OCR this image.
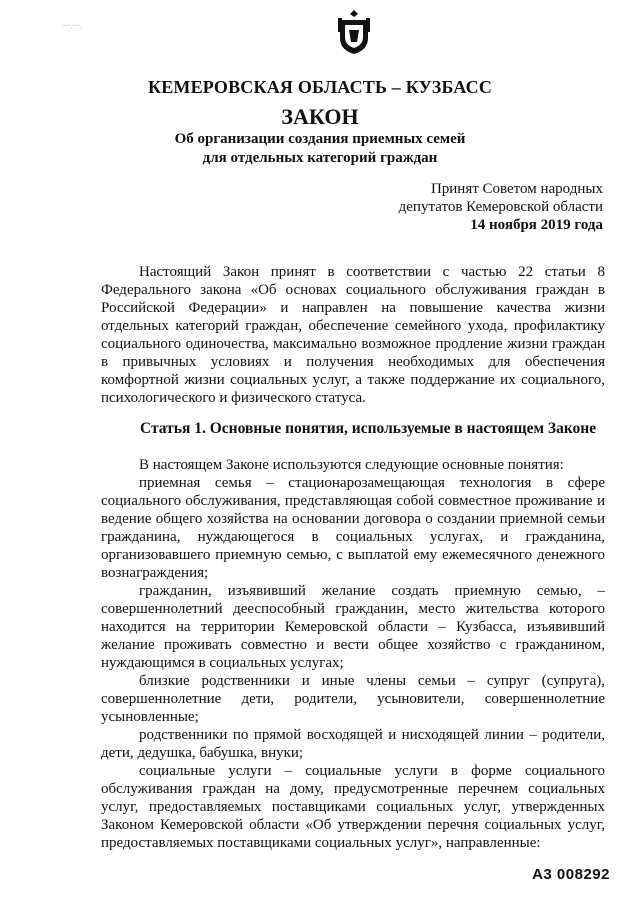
~~.~~.
КЕМЕРОВСКАЯ ОБЛАСТЬ – КУЗБАСС
ЗАКОН
Об организации создания приемных семей
для отдельных категорий граждан
Принят Советом народных
депутатов Кемеровской области
14 ноября 2019 года

Настоящий Закон принят в соответствии с частью 22 статьи 8 Федерального закона «Об основах социального обслуживания граждан в Российской Федерации» и направлен на повышение качества жизни отдельных категорий граждан, обеспечение семейного ухода, профилактику социального одиночества, максимально возможное продление жизни граждан в привычных условиях и получения необходимых для обеспечения комфортной жизни социальных услуг, а также поддержание их социального, психологического и физического статуса.

Статья 1. Основные понятия, используемые в настоящем Законе

В настоящем Законе используются следующие основные понятия:

приемная семья – стационарозамещающая технология в сфере социального обслуживания, представляющая собой совместное проживание и ведение общего хозяйства на основании договора о создании приемной семьи гражданина, нуждающегося в социальных услугах, и гражданина, организовавшего приемную семью, с выплатой ему ежемесячного денежного вознаграждения;

гражданин, изъявивший желание создать приемную семью, – совершеннолетний дееспособный гражданин, место жительства которого находится на территории Кемеровской области – Кузбасса, изъявивший желание проживать совместно и вести общее хозяйство с гражданином, нуждающимся в социальных услугах;

близкие родственники и иные члены семьи – супруг (супруга), совершеннолетние дети, родители, усыновители, совершеннолетние усыновленные;

родственники по прямой восходящей и нисходящей линии – родители, дети, дедушка, бабушка, внуки;

социальные услуги – социальные услуги в форме социального обслуживания граждан на дому, предусмотренные перечнем социальных услуг, предоставляемых поставщиками социальных услуг, утвержденных Законом Кемеровской области «Об утверждении перечня социальных услуг, предоставляемых поставщиками социальных услуг», направленные:

А3 008292
